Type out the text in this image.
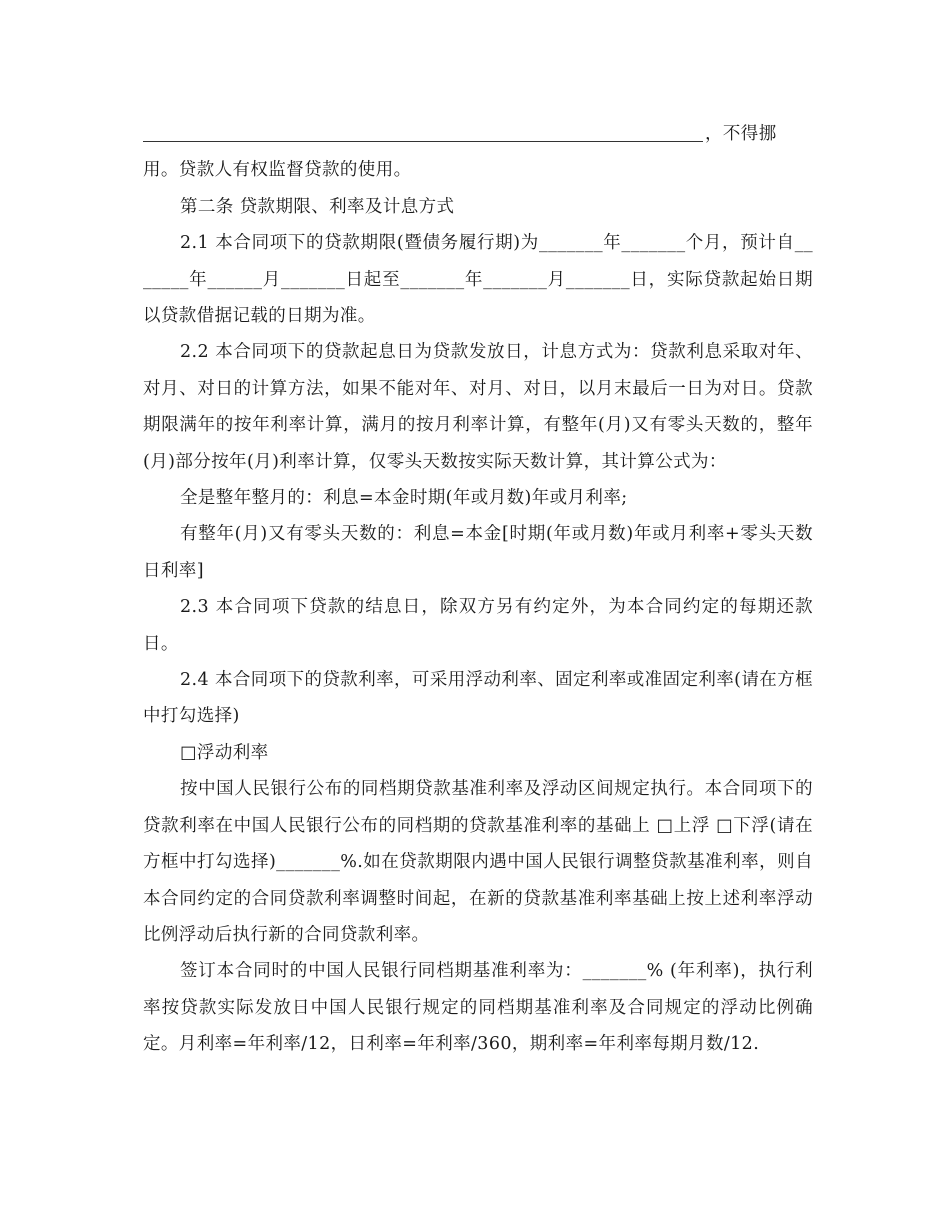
，不得挪

用。贷款人有权监督贷款的使用。

第二条 贷款期限、利率及计息方式

2.1 本合同项下的贷款期限(暨债务履行期)为_______年_______个月，预计自_______年______月_______日起至_______年_______月_______日，实际贷款起始日期以贷款借据记载的日期为准。

2.2 本合同项下的贷款起息日为贷款发放日，计息方式为：贷款利息采取对年、对月、对日的计算方法，如果不能对年、对月、对日，以月末最后一日为对日。贷款期限满年的按年利率计算，满月的按月利率计算，有整年(月)又有零头天数的，整年(月)部分按年(月)利率计算，仅零头天数按实际天数计算，其计算公式为：

全是整年整月的：利息=本金时期(年或月数)年或月利率;

有整年(月)又有零头天数的：利息=本金[时期(年或月数)年或月利率+零头天数日利率]

2.3 本合同项下贷款的结息日，除双方另有约定外，为本合同约定的每期还款日。

2.4 本合同项下的贷款利率，可采用浮动利率、固定利率或准固定利率(请在方框中打勾选择)

□浮动利率

按中国人民银行公布的同档期贷款基准利率及浮动区间规定执行。本合同项下的贷款利率在中国人民银行公布的同档期的贷款基准利率的基础上 □上浮 □下浮(请在方框中打勾选择)_______%.如在贷款期限内遇中国人民银行调整贷款基准利率，则自本合同约定的合同贷款利率调整时间起，在新的贷款基准利率基础上按上述利率浮动比例浮动后执行新的合同贷款利率。

签订本合同时的中国人民银行同档期基准利率为：_______% (年利率)，执行利率按贷款实际发放日中国人民银行规定的同档期基准利率及合同规定的浮动比例确定。月利率=年利率/12，日利率=年利率/360，期利率=年利率每期月数/12.
